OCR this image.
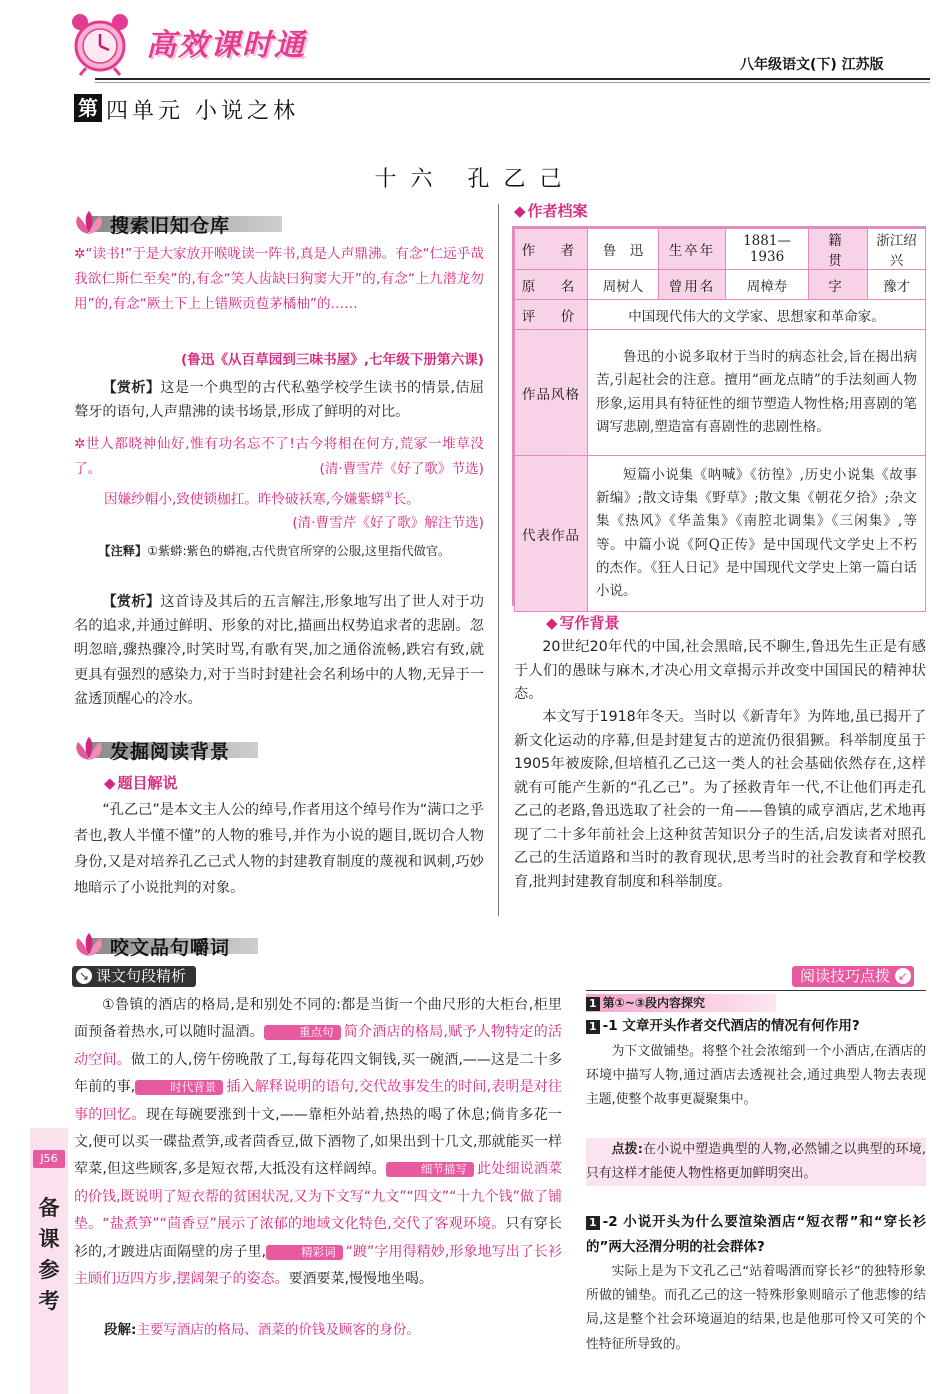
高效课时通
八年级语文(下) 江苏版
第 四单元 小说之林
十六 孔乙己
搜索旧知仓库
✲“读书!”于是大家放开喉咙读一阵书,真是人声鼎沸。有念“仁远乎哉我欲仁斯仁至矣”的,有念“笑人齿缺曰狗窦大开”的,有念“上九潜龙勿用”的,有念“厥土下上上错厥贡苞茅橘柚”的……
(鲁迅《从百草园到三味书屋》,七年级下册第六课)
【赏析】这是一个典型的古代私塾学校学生读书的情景,佶屈聱牙的语句,人声鼎沸的读书场景,形成了鲜明的对比。
✲世人都晓神仙好,惟有功名忘不了!古今将相在何方,荒冢一堆草没了。	(清·曹雪芹《好了歌》节选)
因嫌纱帽小,致使锁枷扛。昨怜破袄寒,今嫌紫蟒①长。
(清·曹雪芹《好了歌》解注节选)
【注释】①紫蟒:紫色的蟒袍,古代贵官所穿的公服,这里指代做官。
【赏析】这首诗及其后的五言解注,形象地写出了世人对于功名的追求,并通过鲜明、形象的对比,描画出权势追求者的悲剧。忽明忽暗,骤热骤冷,时笑时骂,有歌有哭,加之通俗流畅,跌宕有致,就更具有强烈的感染力,对于当时封建社会名利场中的人物,无异于一盆透顶醒心的冷水。
发掘阅读背景
◆ 题目解说
“孔乙己”是本文主人公的绰号,作者用这个绰号作为“满口之乎者也,教人半懂不懂”的人物的雅号,并作为小说的题目,既切合人物身份,又是对培养孔乙己式人物的封建教育制度的蔑视和讽刺,巧妙地暗示了小说批判的对象。
◆ 作者档案
作　者	鲁　迅	生卒年	1881—1936	籍　贯	浙江绍兴
原　名	周树人	曾用名	周樟寿	字	豫才
评　价	中国现代伟大的文学家、思想家和革命家。				
作品风格	鲁迅的小说多取材于当时的病态社会,旨在揭出病苦,引起社会的注意。擅用“画龙点睛”的手法刻画人物形象,运用具有特征性的细节塑造人物性格;用喜剧的笔调写悲剧,塑造富有喜剧性的悲剧性格。				
代表作品	短篇小说集《呐喊》《彷徨》,历史小说集《故事新编》;散文诗集《野草》;散文集《朝花夕拾》;杂文集《热风》《华盖集》《南腔北调集》《三闲集》,等等。中篇小说《阿Q正传》是中国现代文学史上不朽的杰作。《狂人日记》是中国现代文学史上第一篇白话小说。				
◆ 写作背景
20世纪20年代的中国,社会黑暗,民不聊生,鲁迅先生正是有感于人们的愚昧与麻木,才决心用文章揭示并改变中国国民的精神状态。
本文写于1918年冬天。当时以《新青年》为阵地,虽已揭开了新文化运动的序幕,但是封建复古的逆流仍很猖獗。科举制度虽于1905年被废除,但培植孔乙己这一类人的社会基础依然存在,这样就有可能产生新的“孔乙己”。为了拯救青年一代,不让他们再走孔乙己的老路,鲁迅选取了社会的一角——鲁镇的咸亨酒店,艺术地再现了二十多年前社会上这种贫苦知识分子的生活,启发读者对照孔乙己的生活道路和当时的教育现状,思考当时的社会教育和学校教育,批判封建教育制度和科举制度。
咬文品句嚼词
↘ 课文句段精析	阅读技巧点拨 ↙
①鲁镇的酒店的格局,是和别处不同的:都是当街一个曲尺形的大柜台,柜里面预备着热水,可以随时温酒。	重点句 简介酒店的格局,赋予人物特定的活动空间。做工的人,傍午傍晚散了工,每每花四文铜钱,买一碗酒,——这是二十多年前的事,	时代背景 插入解释说明的语句,交代故事发生的时间,表明是对往事的回忆。现在每碗要涨到十文,——靠柜外站着,热热的喝了休息;倘肯多花一文,便可以买一碟盐煮笋,或者茴香豆,做下酒物了,如果出到十几文,那就能买一样荤菜,但这些顾客,多是短衣帮,大抵没有这样阔绰。	细节描写 此处细说酒菜的价钱,既说明了短衣帮的贫困状况,又为下文写“九文”“四文”“十九个钱”做了铺垫。“盐煮笋”“茴香豆”展示了浓郁的地域文化特色,交代了客观环境。只有穿长衫的,才踱进店面隔壁的房子里,	精彩词 “踱”字用得精妙,形象地写出了长衫主顾们迈四方步,摆阔架子的姿态。要酒要菜,慢慢地坐喝。
段解:主要写酒店的格局、酒菜的价钱及顾客的身份。
1 第①~③段内容探究
1 -1 文章开头作者交代酒店的情况有何作用?
为下文做铺垫。将整个社会浓缩到一个小酒店,在酒店的环境中描写人物,通过酒店去透视社会,通过典型人物去表现主题,使整个故事更凝聚集中。
点拨:在小说中塑造典型的人物,必然铺之以典型的环境,只有这样才能使人物性格更加鲜明突出。
1 -2 小说开头为什么要渲染酒店“短衣帮”和“穿长衫的”两大泾渭分明的社会群体?
实际上是为下文孔乙己“站着喝酒而穿长衫”的独特形象所做的铺垫。而孔乙己的这一特殊形象则暗示了他悲惨的结局,这是整个社会环境逼迫的结果,也是他那可怜又可笑的个性特征所导致的。
J56
备课参考
